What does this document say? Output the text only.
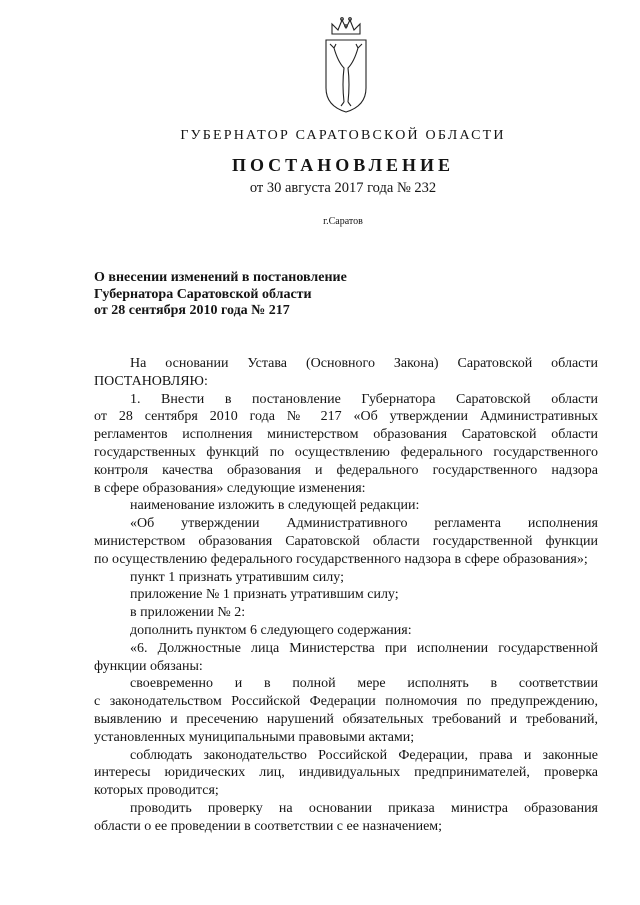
ГУБЕРНАТОР САРАТОВСКОЙ ОБЛАСТИ
ПОСТАНОВЛЕНИЕ
от 30 августа 2017 года № 232
г.Саратов
О внесении изменений в постановление
Губернатора Саратовской области
от 28 сентября 2010 года № 217
На основании Устава (Основного Закона) Саратовской области
ПОСТАНОВЛЯЮ:
1. Внести в постановление Губернатора Саратовской области
от 28 сентября 2010 года № 217 «Об утверждении Административных
регламентов исполнения министерством образования Саратовской области
государственных функций по осуществлению федерального государственного
контроля качества образования и федерального государственного надзора
в сфере образования» следующие изменения:
наименование изложить в следующей редакции:
«Об утверждении Административного регламента исполнения
министерством образования Саратовской области государственной функции
по осуществлению федерального государственного надзора в сфере образования»;
пункт 1 признать утратившим силу;
приложение № 1 признать утратившим силу;
в приложении № 2:
дополнить пунктом 6 следующего содержания:
«6. Должностные лица Министерства при исполнении государственной
функции обязаны:
своевременно и в полной мере исполнять в соответствии
с законодательством Российской Федерации полномочия по предупреждению,
выявлению и пресечению нарушений обязательных требований и требований,
установленных муниципальными правовыми актами;
соблюдать законодательство Российской Федерации, права и законные
интересы юридических лиц, индивидуальных предпринимателей, проверка
которых проводится;
проводить проверку на основании приказа министра образования
области о ее проведении в соответствии с ее назначением;
